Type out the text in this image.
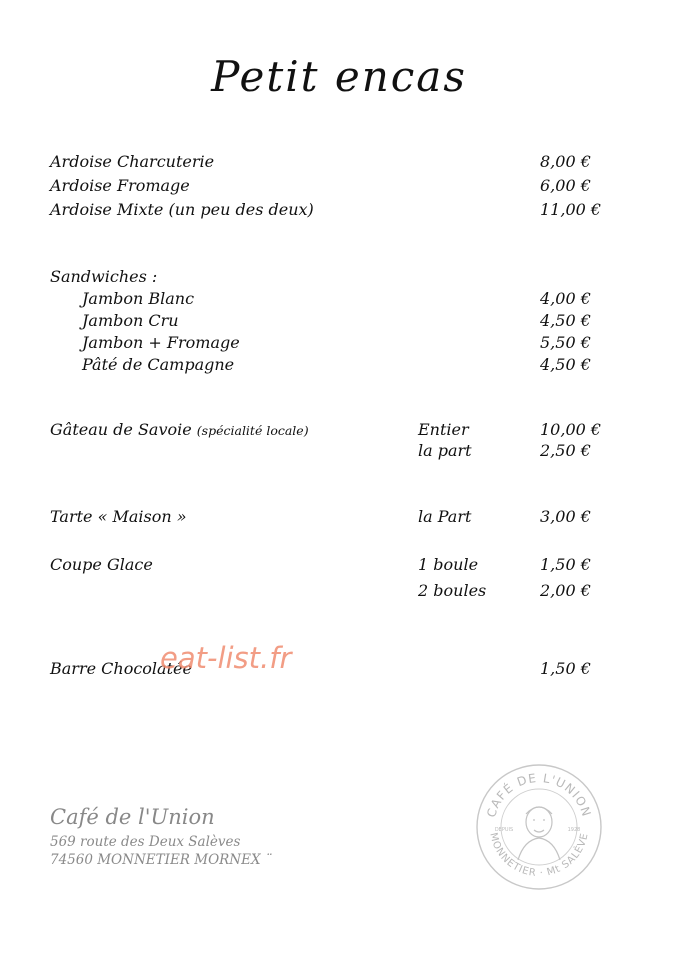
Petit encas
Ardoise Charcuterie	8,00 €
Ardoise Fromage	6,00 €
Ardoise Mixte (un peu des deux)	11,00 €
Sandwiches :
Jambon Blanc	4,00 €
Jambon Cru	4,50 €
Jambon + Fromage	5,50 €
Pâté de Campagne	4,50 €
Gâteau de Savoie (spécialité locale)	Entier	10,00 €
la part	2,50 €
Tarte « Maison »	la Part	3,00 €
Coupe Glace	1 boule	1,50 €
2 boules	2,00 €
Barre Chocolatée	1,50 €
eat-list.fr
Café de l'Union
569 route des Deux Salèves
74560 MONNETIER MORNEX ¨
CAFÉ DE L'UNION
MONNETIER · Mt SALÈVE
DEPUIS	1928
